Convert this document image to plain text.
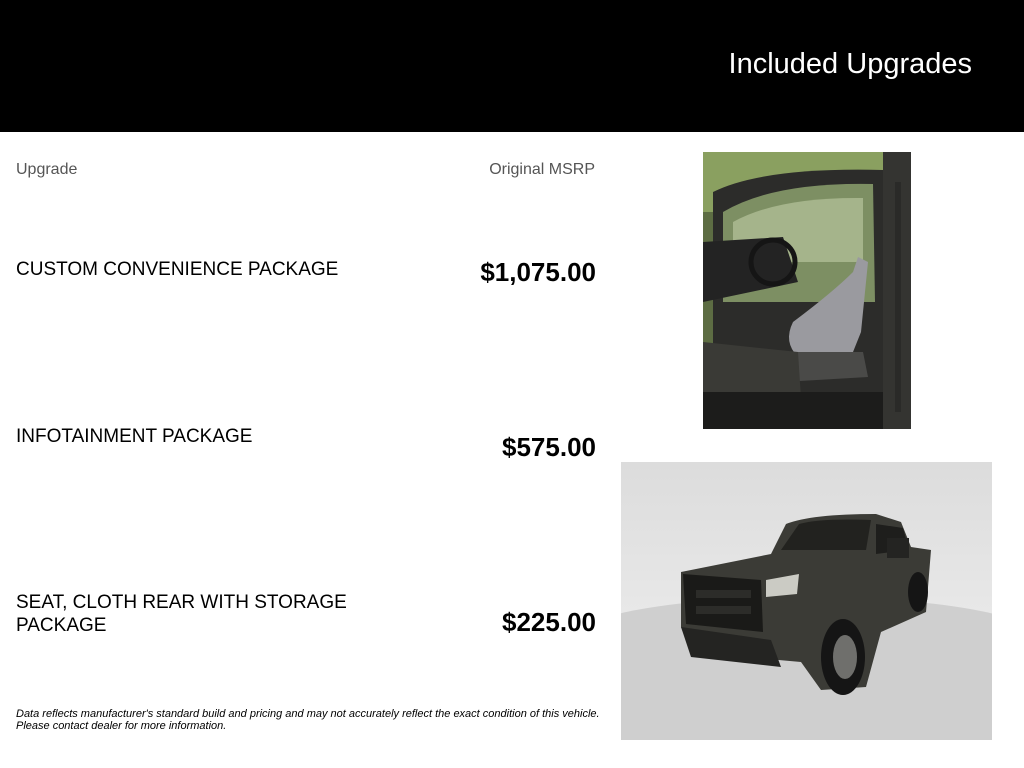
Included Upgrades
Upgrade	Original MSRP
CUSTOM CONVENIENCE PACKAGE	$1,075.00
INFOTAINMENT PACKAGE	$575.00
SEAT, CLOTH REAR WITH STORAGE PACKAGE	$225.00
Data reflects manufacturer's standard build and pricing and may not accurately reflect the exact condition of this vehicle. Please contact dealer for more information.
